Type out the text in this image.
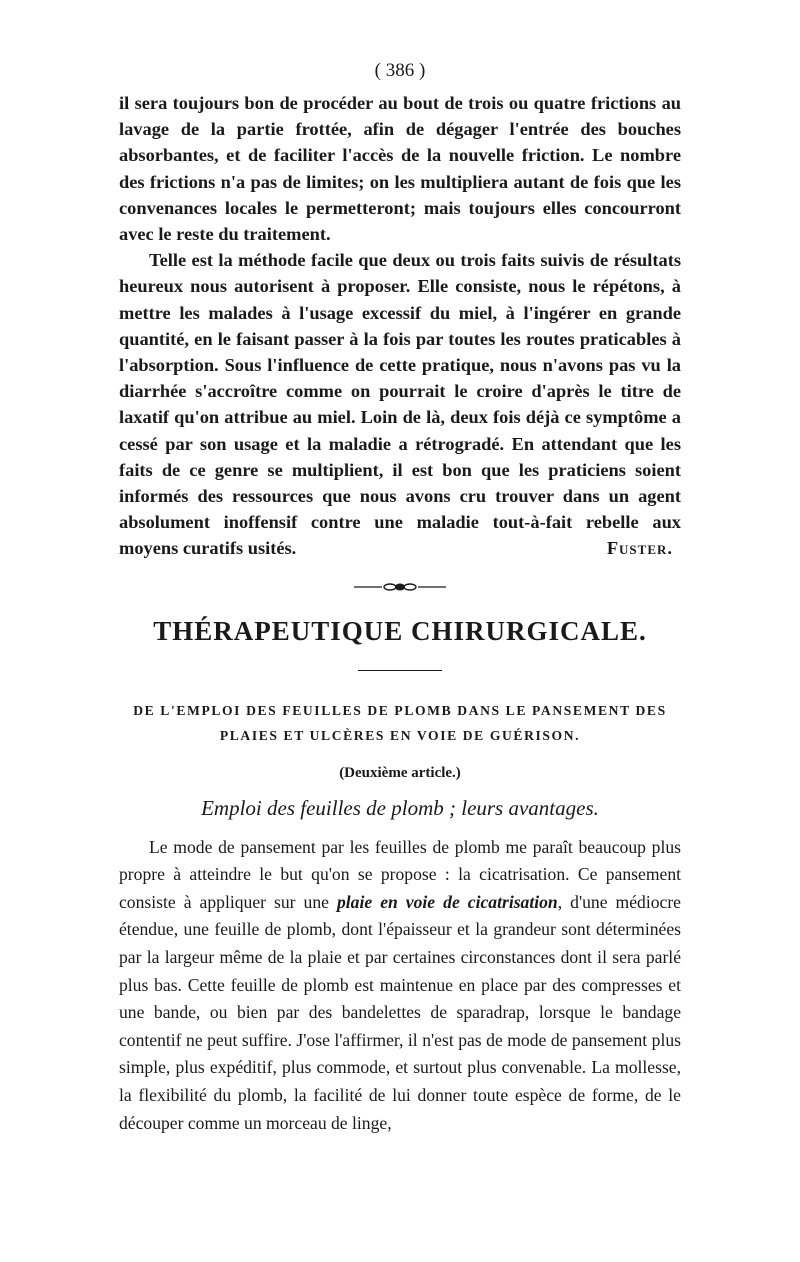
( 386 )

il sera toujours bon de procéder au bout de trois ou quatre frictions au lavage de la partie frottée, afin de dégager l'entrée des bouches absorbantes, et de faciliter l'accès de la nouvelle friction. Le nombre des frictions n'a pas de limites; on les multipliera autant de fois que les convenances locales le permetteront; mais toujours elles concourront avec le reste du traitement.

Telle est la méthode facile que deux ou trois faits suivis de résultats heureux nous autorisent à proposer. Elle consiste, nous le répétons, à mettre les malades à l'usage excessif du miel, à l'ingérer en grande quantité, en le faisant passer à la fois par toutes les routes praticables à l'absorption. Sous l'influence de cette pratique, nous n'avons pas vu la diarrhée s'accroître comme on pourrait le croire d'après le titre de laxatif qu'on attribue au miel. Loin de là, deux fois déjà ce symptôme a cessé par son usage et la maladie a rétrogradé. En attendant que les faits de ce genre se multiplient, il est bon que les praticiens soient informés des ressources que nous avons cru trouver dans un agent absolument inoffensif contre une maladie tout-à-fait rebelle aux moyens curatifs usités.	Fuster.

THÉRAPEUTIQUE CHIRURGICALE.

DE L'EMPLOI DES FEUILLES DE PLOMB DANS LE PANSEMENT DES

PLAIES ET ULCÈRES EN VOIE DE GUÉRISON.

(Deuxième article.)

Emploi des feuilles de plomb ; leurs avantages.

Le mode de pansement par les feuilles de plomb me paraît beaucoup plus propre à atteindre le but qu'on se propose : la cicatrisation. Ce pansement consiste à appliquer sur une plaie en voie de cicatrisation, d'une médiocre étendue, une feuille de plomb, dont l'épaisseur et la grandeur sont déterminées par la largeur même de la plaie et par certaines circonstances dont il sera parlé plus bas. Cette feuille de plomb est maintenue en place par des compresses et une bande, ou bien par des bandelettes de sparadrap, lorsque le bandage contentif ne peut suffire. J'ose l'affirmer, il n'est pas de mode de pansement plus simple, plus expéditif, plus commode, et surtout plus convenable. La mollesse, la flexibilité du plomb, la facilité de lui donner toute espèce de forme, de le découper comme un morceau de linge,
